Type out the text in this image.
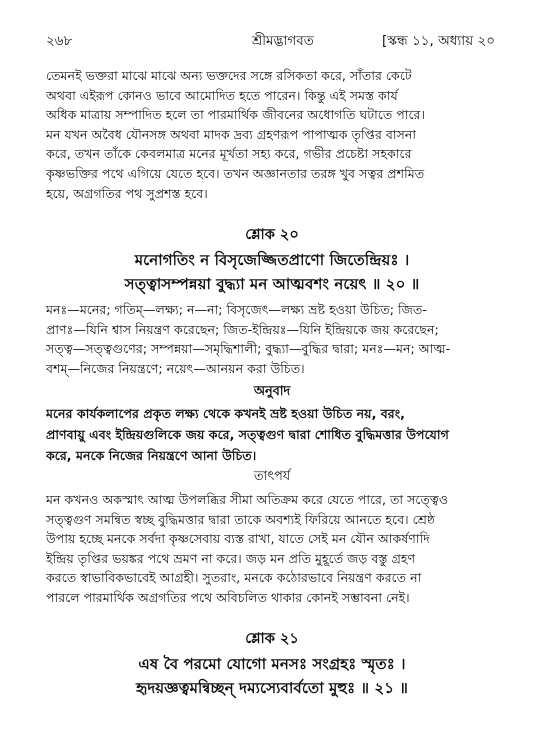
২৬৮	শ্রীমদ্ভাগবত	[স্কন্ধ ১১, অধ্যায় ২০
তেমনই ভক্তরা মাঝে মাঝে অন্য ভক্তদের সঙ্গে রসিকতা করে, সাঁতার কেটে
অথবা এইরূপ কোনও ভাবে আমোদিত হতে পারেন। কিন্তু এই সমস্ত কার্য
অধিক মাত্রায় সম্পাদিত হলে তা পারমার্থিক জীবনের অধোগতি ঘটাতে পারে।
মন যখন অবৈধ যৌনসঙ্গ অথবা মাদক দ্রব্য গ্রহণরূপ পাপাত্মক তৃপ্তির বাসনা
করে, তখন তাঁকে কেবলমাত্র মনের মূর্খতা সহ্য করে, গভীর প্রচেষ্টা সহকারে
কৃষ্ণভক্তির পথে এগিয়ে যেতে হবে। তখন অজ্ঞানতার তরঙ্গ খুব সত্বর প্রশমিত
হয়ে, অগ্রগতির পথ সুপ্রশস্ত হবে।
শ্লোক ২০
মনোগতিং ন বিসৃজেজ্জিতপ্রাণো জিতেন্দ্রিয়ঃ ।
সত্ত্বাসম্পন্নয়া বুদ্ধ্যা মন আত্মবশং নয়েৎ ॥ ২০ ॥
মনঃ—মনের; গতিম্—লক্ষ্য; ন—না; বিসৃজেৎ—লক্ষ্য ভ্রষ্ট হওয়া উচিত; জিত-
প্রাণঃ—যিনি শ্বাস নিয়ন্ত্রণ করেছেন; জিত-ইন্দ্রিয়ঃ—যিনি ইন্দ্রিয়কে জয় করেছেন;
সত্ত্ব—সত্ত্বগুণের; সম্পন্নয়া—সমৃদ্ধিশালী; বুদ্ধ্যা—বুদ্ধির দ্বারা; মনঃ—মন; আত্ম-
বশম্—নিজের নিয়ন্ত্রণে; নয়েৎ—আনয়ন করা উচিত।
অনুবাদ
মনের কার্যকলাপের প্রকৃত লক্ষ্য থেকে কখনই ভ্রষ্ট হওয়া উচিত নয়, বরং,
প্রাণবায়ু এবং ইন্দ্রিয়গুলিকে জয় করে, সত্ত্বগুণ দ্বারা শোধিত বুদ্ধিমত্তার উপযোগ
করে, মনকে নিজের নিয়ন্ত্রণে আনা উচিত।
তাৎপর্য
মন কখনও অকস্মাৎ আত্ম উপলব্ধির সীমা অতিক্রম করে যেতে পারে, তা সত্ত্বেও
সত্ত্বগুণ সমন্বিত স্বচ্ছ বুদ্ধিমত্তার দ্বারা তাকে অবশ্যই ফিরিয়ে আনতে হবে। শ্রেষ্ঠ
উপায় হচ্ছে মনকে সর্বদা কৃষ্ণসেবায় ব্যস্ত রাখা, যাতে সেই মন যৌন আকর্ষণাদি
ইন্দ্রিয় তৃপ্তির ভয়ঙ্কর পথে ভ্রমণ না করে। জড় মন প্রতি মুহূর্তে জড় বস্তু গ্রহণ
করতে স্বাভাবিকভাবেই আগ্রহী। সুতরাং, মনকে কঠোরভাবে নিয়ন্ত্রণ করতে না
পারলে পারমার্থিক অগ্রগতির পথে অবিচলিত থাকার কোনই সম্ভাবনা নেই।
শ্লোক ২১
এষ বৈ পরমো যোগো মনসঃ সংগ্রহঃ স্মৃতঃ ।
হৃদয়জ্ঞত্বমন্বিচ্ছন্ দম্যস্যেবার্বতো মুহুঃ ॥ ২১ ॥
